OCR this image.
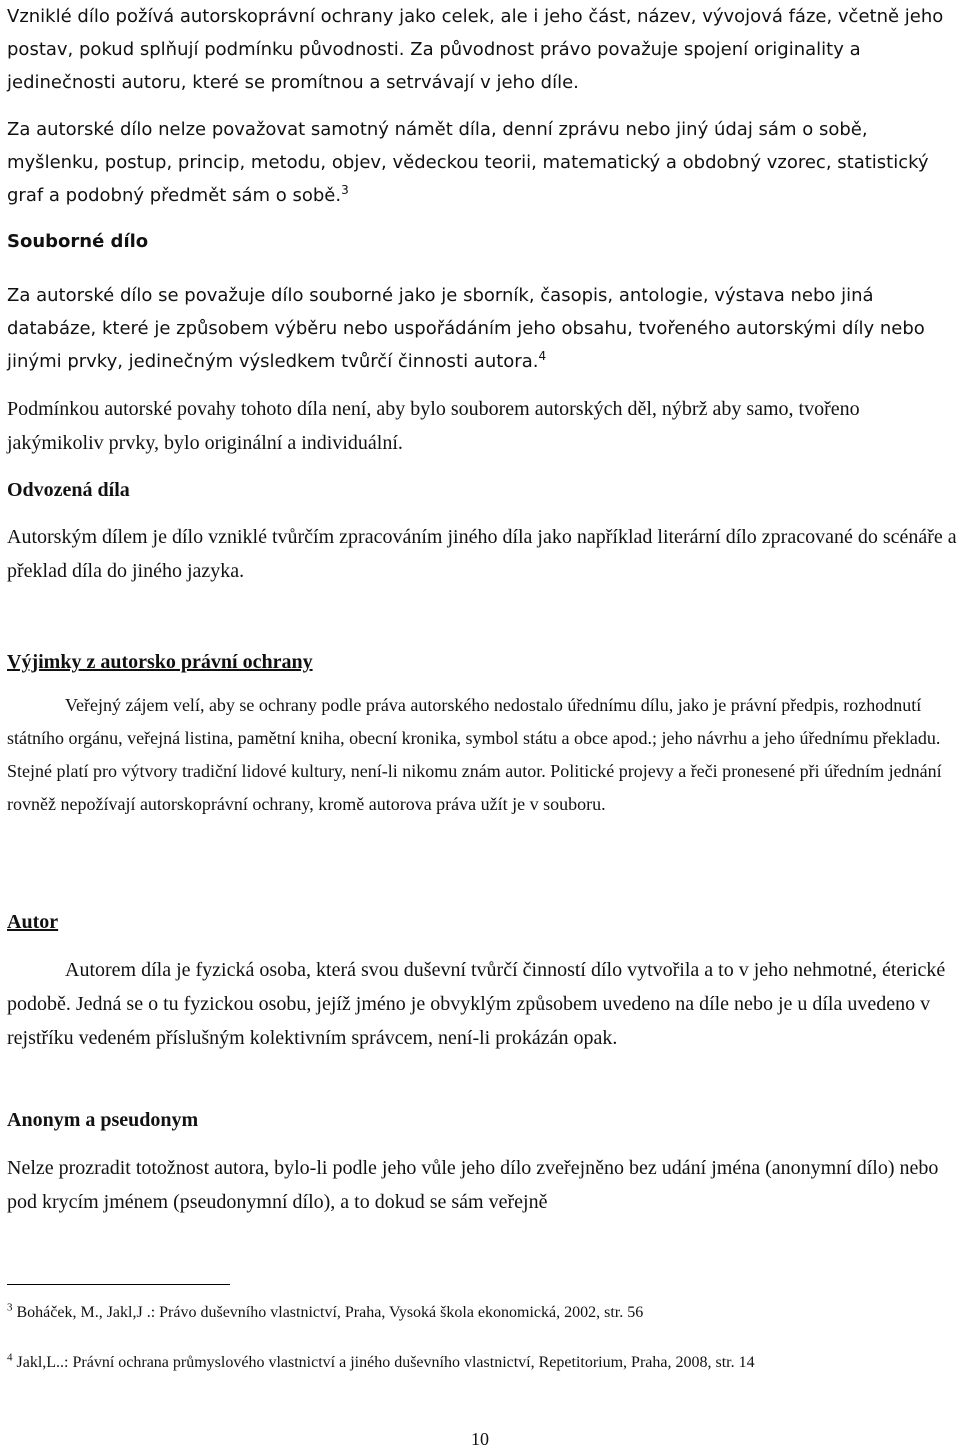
Vzniklé dílo požívá autorskoprávní ochrany jako celek, ale i jeho část, název, vývojová fáze, včetně jeho postav, pokud splňují podmínku původnosti. Za původnost právo považuje spojení originality a jedinečnosti autoru, které se promítnou a setrvávají v jeho díle.

Za autorské dílo nelze považovat samotný námět díla, denní zprávu nebo jiný údaj sám o sobě, myšlenku, postup, princip, metodu, objev, vědeckou teorii, matematický a obdobný vzorec, statistický graf a podobný předmět sám o sobě.$^3$

Souborné dílo

Za autorské dílo se považuje dílo souborné jako je sborník, časopis, antologie, výstava nebo jiná databáze, které je způsobem výběru nebo uspořádáním jeho obsahu, tvořeného autorskými díly nebo jinými prvky, jedinečným výsledkem tvůrčí činnosti autora.$^4$

Podmínkou autorské povahy tohoto díla není, aby bylo souborem autorských děl, nýbrž aby samo, tvořeno jakýmikoliv prvky, bylo originální a individuální.

Odvozená díla

Autorským dílem je dílo vzniklé tvůrčím zpracováním jiného díla jako například literární dílo zpracované do scénáře a překlad díla do jiného jazyka.

Výjimky z autorsko právní ochrany

Veřejný zájem velí, aby se ochrany podle práva autorského nedostalo úřednímu dílu, jako je právní předpis, rozhodnutí státního orgánu, veřejná listina, pamětní kniha, obecní kronika, symbol státu a obce apod.; jeho návrhu a jeho úřednímu překladu. Stejné platí pro výtvory tradiční lidové kultury, není-li nikomu znám autor. Politické projevy a řeči pronesené při úředním jednání rovněž nepožívají autorskoprávní ochrany, kromě autorova práva užít je v souboru.

Autor

Autorem díla je fyzická osoba, která svou duševní tvůrčí činností dílo vytvořila a to v jeho nehmotné, éterické podobě. Jedná se o tu fyzickou osobu, jejíž jméno je obvyklým způsobem uvedeno na díle nebo je u díla uvedeno v rejstříku vedeném příslušným kolektivním správcem, není-li prokázán opak.

Anonym a pseudonym

Nelze prozradit totožnost autora, bylo-li podle jeho vůle jeho dílo zveřejněno bez udání jména (anonymní dílo) nebo pod krycím jménem (pseudonymní dílo), a to dokud se sám veřejně

$^3$ Boháček, M., Jakl,J .: Právo duševního vlastnictví, Praha, Vysoká škola ekonomická, 2002, str. 56

$^4$ Jakl,L..: Právní ochrana průmyslového vlastnictví a jiného duševního vlastnictví, Repetitorium, Praha, 2008, str. 14

10
